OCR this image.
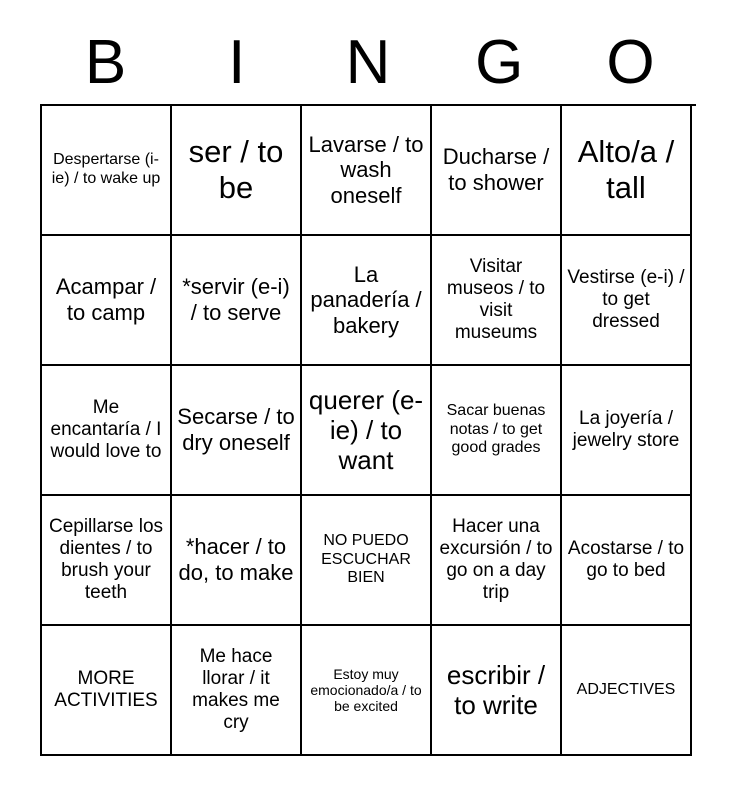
B	I	N	G	O
Despertarse (i-ie) / to wake up
ser / to be
Lavarse / to wash oneself
Ducharse / to shower
Alto/a / tall
Acampar / to camp
*servir (e-i) / to serve
La panadería / bakery
Visitar museos / to visit museums
Vestirse (e-i) / to get dressed
Me encantaría / I would love to
Secarse / to dry oneself
querer (e-ie) / to want
Sacar buenas notas / to get good grades
La joyería / jewelry store
Cepillarse los dientes / to brush your teeth
*hacer / to do, to make
NO PUEDO ESCUCHAR BIEN
Hacer una excursión / to go on a day trip
Acostarse / to go to bed
MORE ACTIVITIES
Me hace llorar / it makes me cry
Estoy muy emocionado/a / to be excited
escribir / to write
ADJECTIVES
